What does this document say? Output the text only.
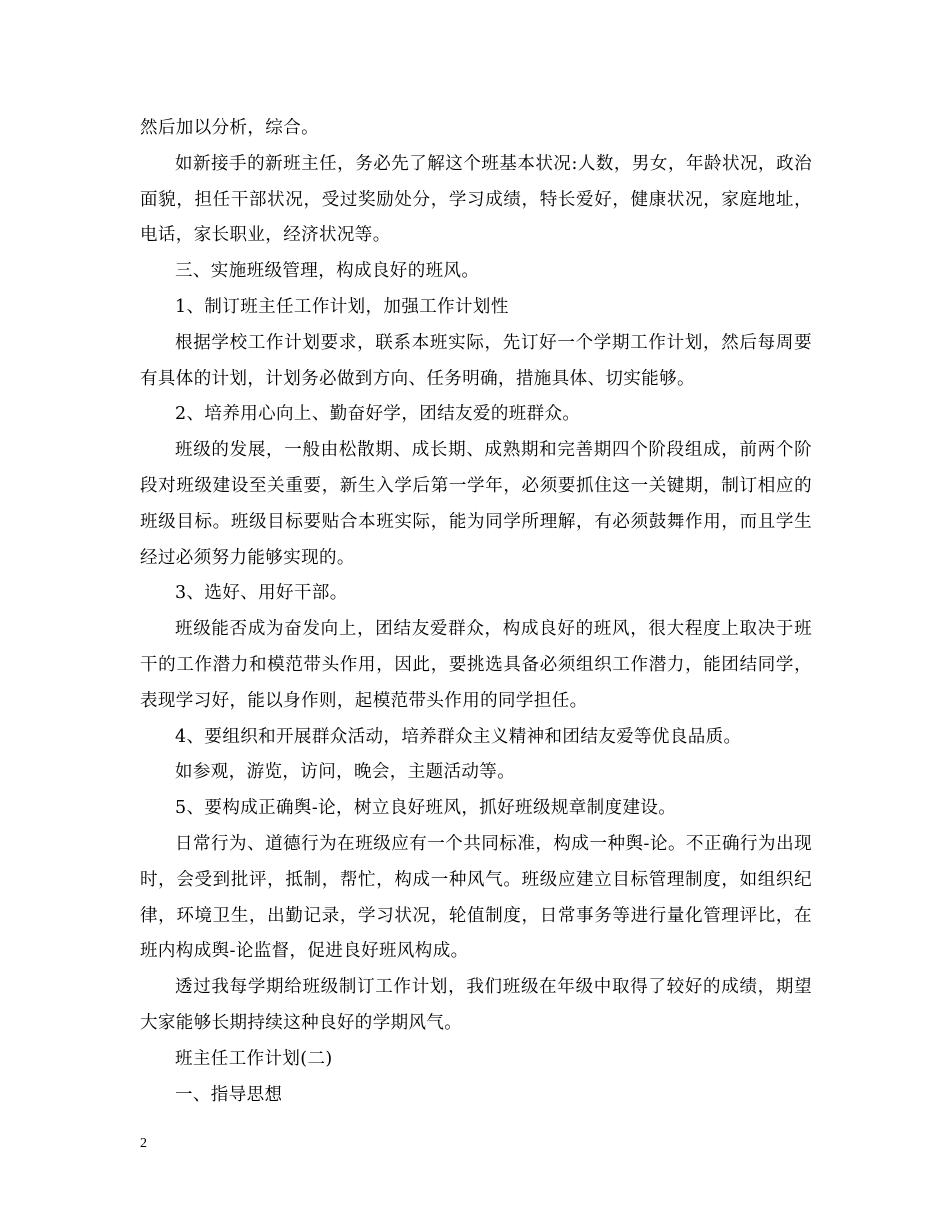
然后加以分析，综合。

如新接手的新班主任，务必先了解这个班基本状况:人数，男女，年龄状况，政治面貌，担任干部状况，受过奖励处分，学习成绩，特长爱好，健康状况，家庭地址，电话，家长职业，经济状况等。

三、实施班级管理，构成良好的班风。

1、制订班主任工作计划，加强工作计划性

根据学校工作计划要求，联系本班实际，先订好一个学期工作计划，然后每周要有具体的计划，计划务必做到方向、任务明确，措施具体、切实能够。

2、培养用心向上、勤奋好学，团结友爱的班群众。

班级的发展，一般由松散期、成长期、成熟期和完善期四个阶段组成，前两个阶段对班级建设至关重要，新生入学后第一学年，必须要抓住这一关键期，制订相应的班级目标。班级目标要贴合本班实际，能为同学所理解，有必须鼓舞作用，而且学生经过必须努力能够实现的。

3、选好、用好干部。

班级能否成为奋发向上，团结友爱群众，构成良好的班风，很大程度上取决于班干的工作潜力和模范带头作用，因此，要挑选具备必须组织工作潜力，能团结同学，表现学习好，能以身作则，起模范带头作用的同学担任。

4、要组织和开展群众活动，培养群众主义精神和团结友爱等优良品质。

如参观，游览，访问，晚会，主题活动等。

5、要构成正确舆-论，树立良好班风，抓好班级规章制度建设。

日常行为、道德行为在班级应有一个共同标准，构成一种舆-论。不正确行为出现时，会受到批评，抵制，帮忙，构成一种风气。班级应建立目标管理制度，如组织纪律，环境卫生，出勤记录，学习状况，轮值制度，日常事务等进行量化管理评比，在班内构成舆-论监督，促进良好班风构成。

透过我每学期给班级制订工作计划，我们班级在年级中取得了较好的成绩，期望大家能够长期持续这种良好的学期风气。

班主任工作计划(二)

一、指导思想

2
